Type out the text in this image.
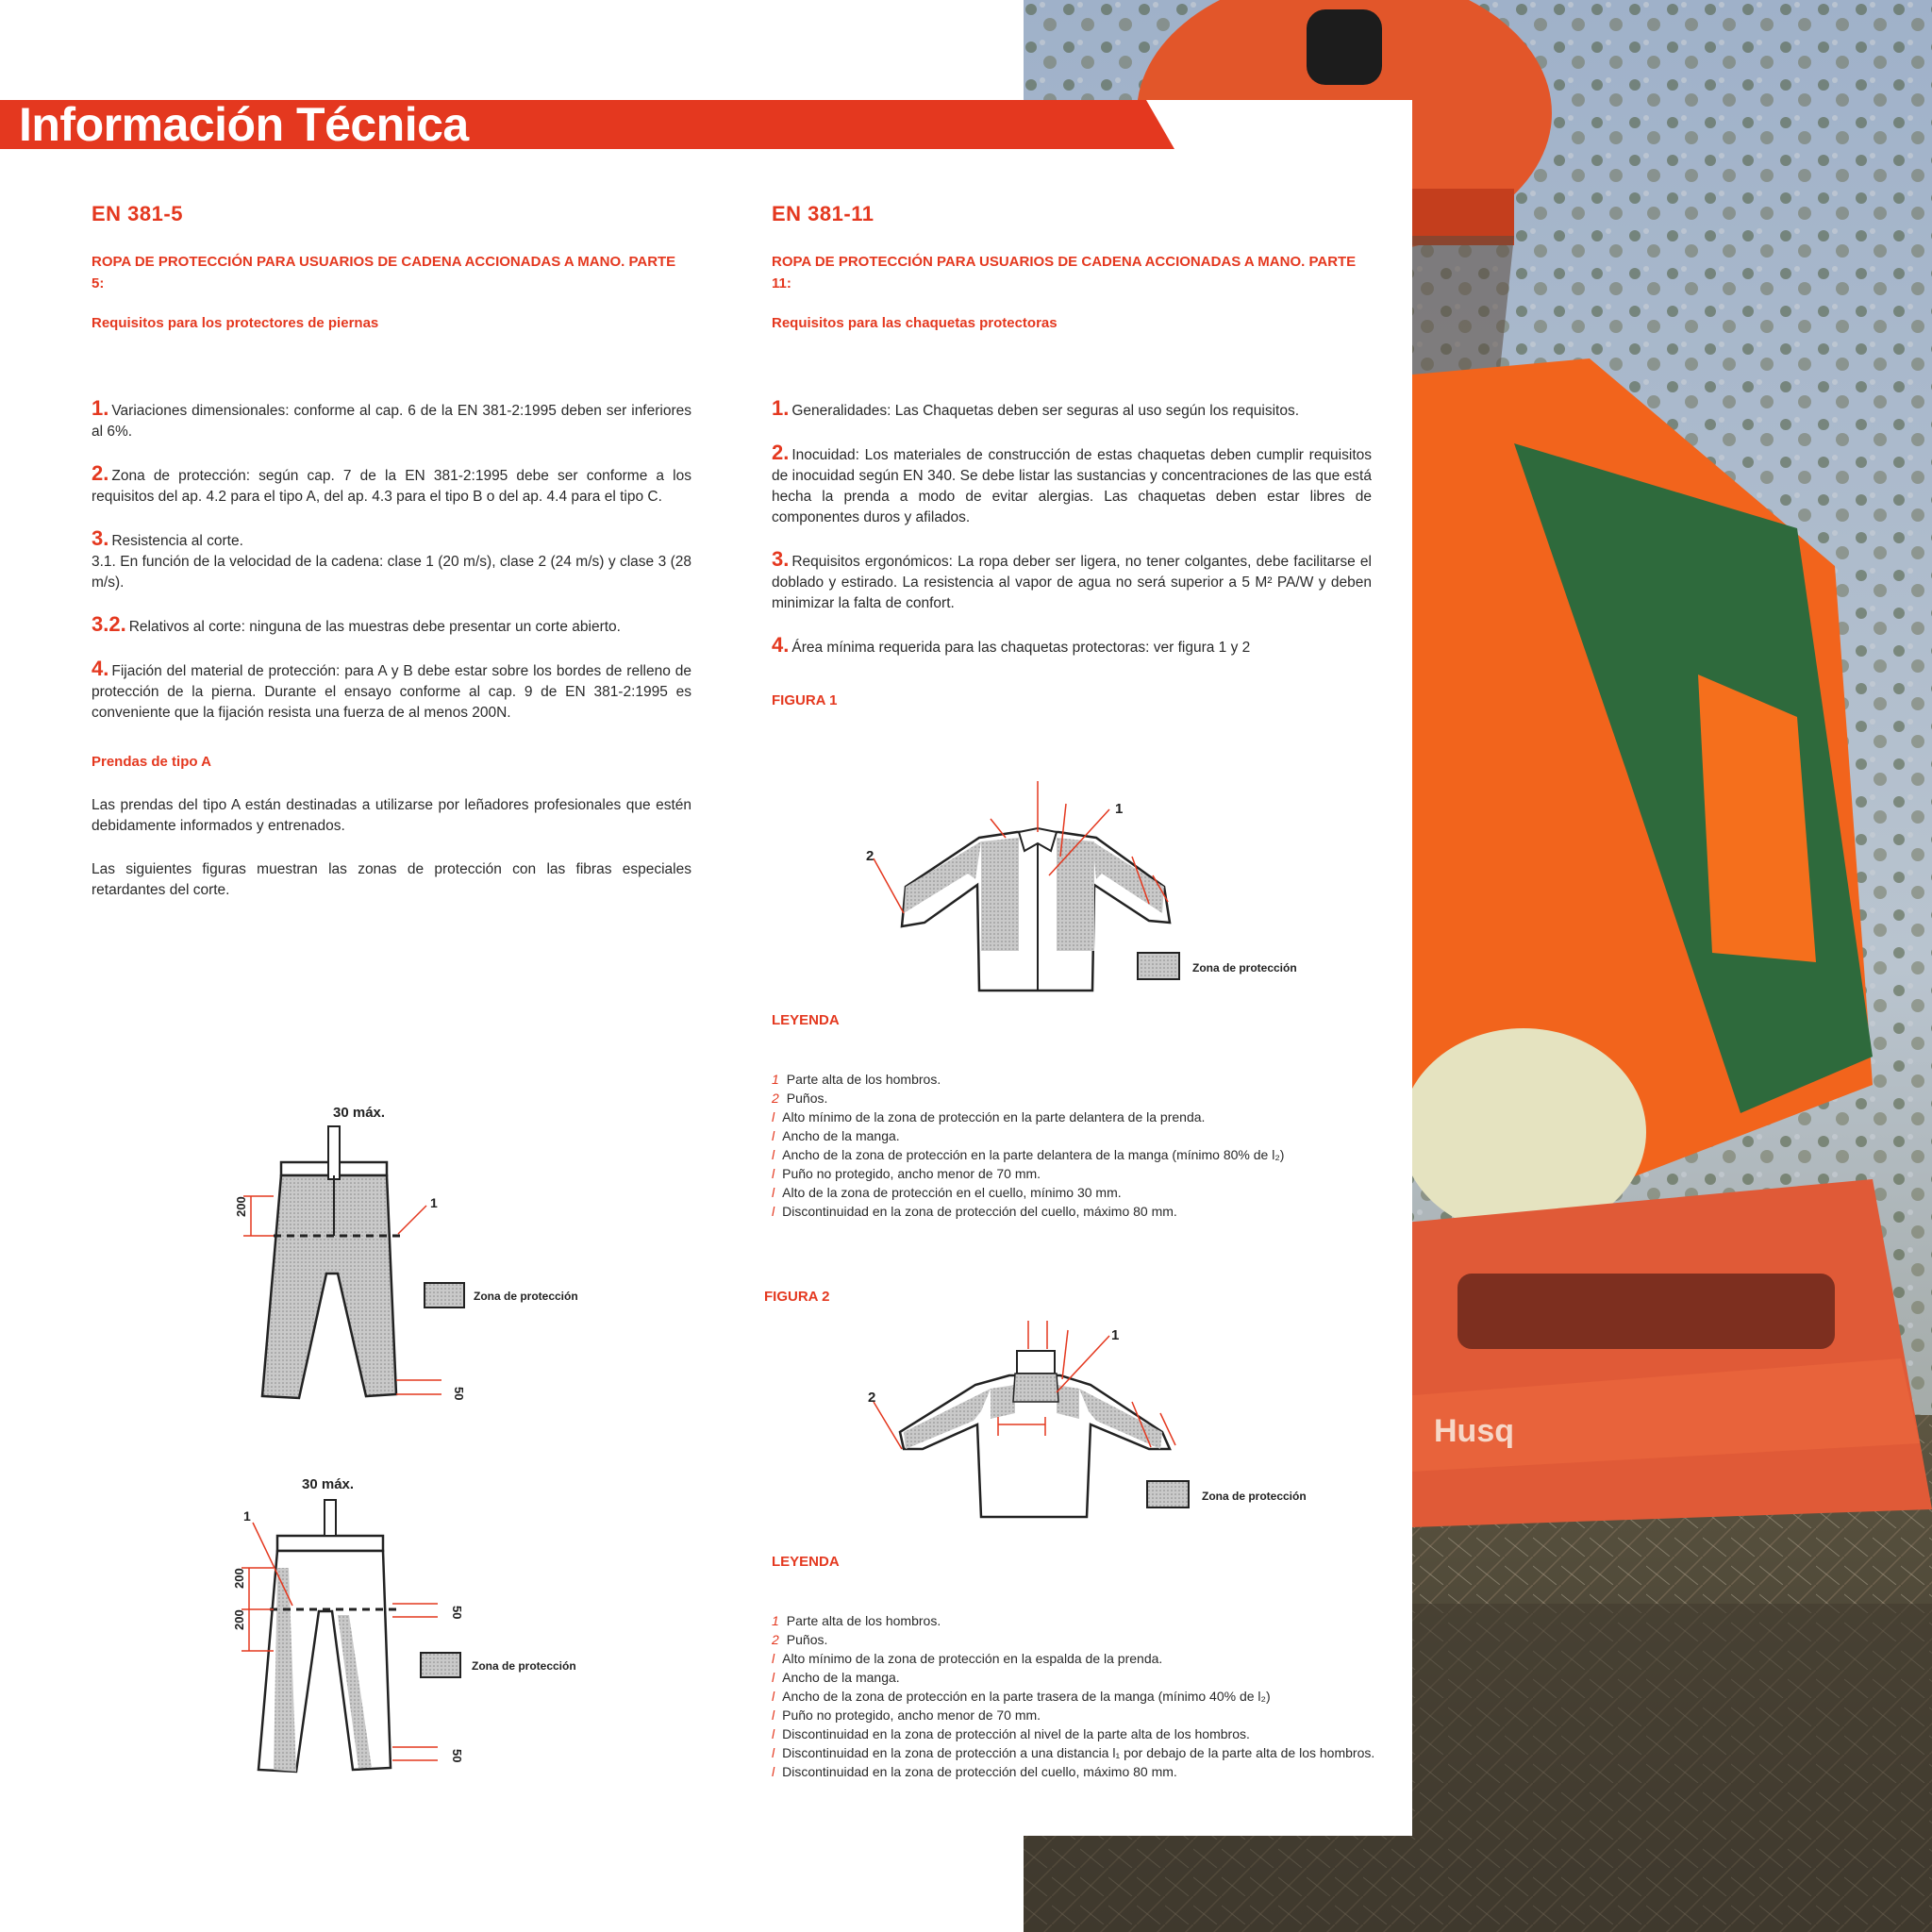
Husq
Información Técnica
EN 381-5
ROPA DE PROTECCIÓN PARA USUARIOS DE CADENA ACCIONADAS A MANO. PARTE 5:
Requisitos para los protectores de piernas
1. Variaciones dimensionales: conforme al cap. 6 de la EN 381-2:1995 deben ser inferiores al 6%.
2. Zona de protección: según cap. 7 de la EN 381-2:1995 debe ser conforme a los requisitos del ap. 4.2 para el tipo A, del ap. 4.3 para el tipo B o del ap. 4.4 para el tipo C.
3. Resistencia al corte.
3.1. En función de la velocidad de la cadena: clase 1 (20 m/s), clase 2 (24 m/s) y clase 3 (28 m/s).
3.2. Relativos al corte: ninguna de las muestras debe presentar un corte abierto.
4. Fijación del material de protección: para A y B debe estar sobre los bordes de relleno de protección de la pierna. Durante el ensayo conforme al cap. 9 de EN 381-2:1995 es conveniente que la fijación resista una fuerza de al menos 200N.
Prendas de tipo A
Las prendas del tipo A están destinadas a utilizarse por leñadores profesionales que estén debidamente informados y entrenados.
Las siguientes figuras muestran las zonas de protección con las fibras especiales retardantes del corte.
30 máx.
200	1
50
Zona de protección
30 máx.
200
200
1
50
50
Zona de protección
EN 381-11
ROPA DE PROTECCIÓN PARA USUARIOS DE CADENA ACCIONADAS A MANO. PARTE 11:
Requisitos para las chaquetas protectoras
1. Generalidades: Las Chaquetas deben ser seguras al uso según los requisitos.
2. Inocuidad: Los materiales de construcción de estas chaquetas deben cumplir requisitos de inocuidad según EN 340. Se debe listar las sustancias y concentraciones de las que está hecha la prenda a modo de evitar alergias. Las chaquetas deben estar libres de componentes duros y afilados.
3. Requisitos ergonómicos: La ropa deber ser ligera, no tener colgantes, debe facilitarse el doblado y estirado. La resistencia al vapor de agua no será superior a 5 M² PA/W y deben minimizar la falta de confort.
4. Área mínima requerida para las chaquetas protectoras: ver figura 1 y 2
FIGURA 1
2
1
Zona de protección
LEYENDA
1 Parte alta de los hombros.
2 Puños.
l Alto mínimo de la zona de protección en la parte delantera de la prenda.
l Ancho de la manga.
l Ancho de la zona de protección en la parte delantera de la manga (mínimo 80% de l₂)
l Puño no protegido, ancho menor de 70 mm.
l Alto de la zona de protección en el cuello, mínimo 30 mm.
l Discontinuidad en la zona de protección del cuello, máximo 80 mm.
FIGURA 2
2
1
Zona de protección
LEYENDA
1 Parte alta de los hombros.
2 Puños.
l Alto mínimo de la zona de protección en la espalda de la prenda.
l Ancho de la manga.
l Ancho de la zona de protección en la parte trasera de la manga (mínimo 40% de l₂)
l Puño no protegido, ancho menor de 70 mm.
l Discontinuidad en la zona de protección al nivel de la parte alta de los hombros.
l Discontinuidad en la zona de protección a una distancia l₁ por debajo de la parte alta de los hombros.
l Discontinuidad en la zona de protección del cuello, máximo 80 mm.
